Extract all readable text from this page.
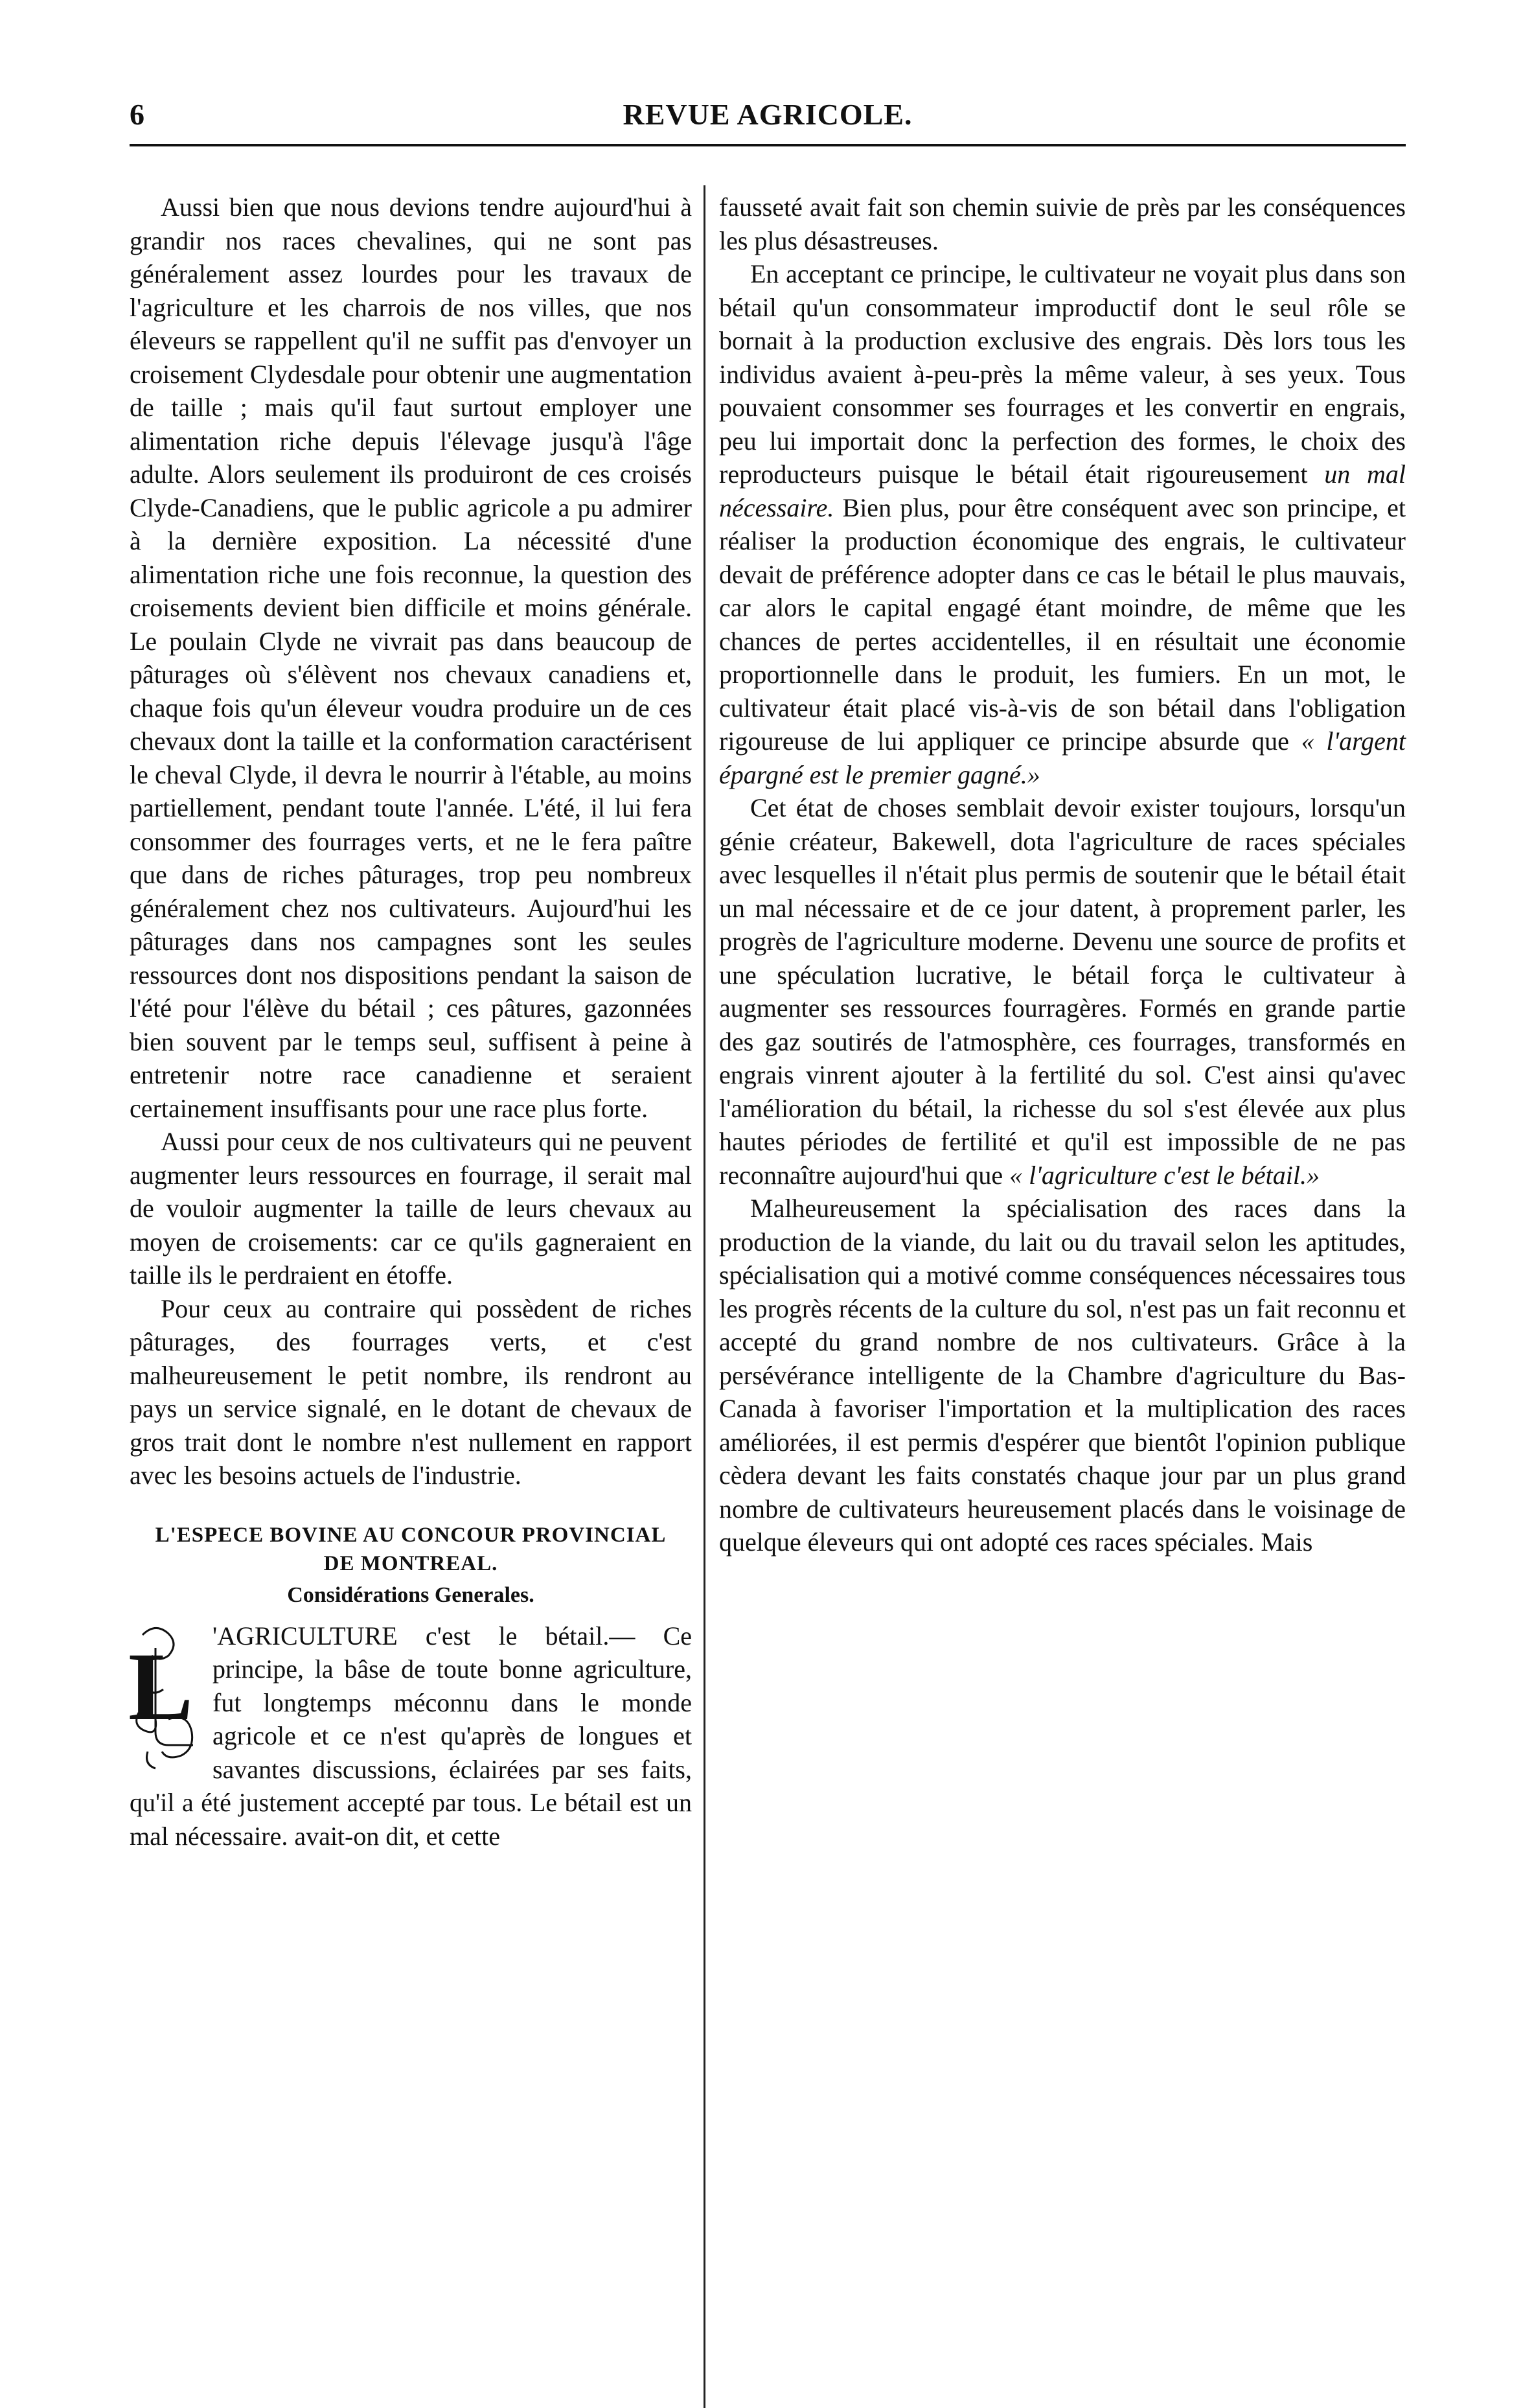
6	REVUE AGRICOLE.

Aussi bien que nous devions tendre aujourd'hui à grandir nos races chevalines, qui ne sont pas généralement assez lourdes pour les travaux de l'agriculture et les charrois de nos villes, que nos éleveurs se rappellent qu'il ne suffit pas d'envoyer un croisement Clydesdale pour obtenir une augmentation de taille ; mais qu'il faut surtout employer une alimentation riche depuis l'élevage jusqu'à l'âge adulte. Alors seulement ils produiront de ces croisés Clyde-Canadiens, que le public agricole a pu admirer à la dernière exposition. La nécessité d'une alimentation riche une fois reconnue, la question des croisements devient bien difficile et moins générale. Le poulain Clyde ne vivrait pas dans beaucoup de pâturages où s'élèvent nos chevaux canadiens et, chaque fois qu'un éleveur voudra produire un de ces chevaux dont la taille et la conformation caractérisent le cheval Clyde, il devra le nourrir à l'étable, au moins partiellement, pendant toute l'année. L'été, il lui fera consommer des fourrages verts, et ne le fera paître que dans de riches pâturages, trop peu nombreux généralement chez nos cultivateurs. Aujourd'hui les pâturages dans nos campagnes sont les seules ressources dont nos dispositions pendant la saison de l'été pour l'élève du bétail ; ces pâtures, gazonnées bien souvent par le temps seul, suffisent à peine à entretenir notre race canadienne et seraient certainement insuffisants pour une race plus forte.

Aussi pour ceux de nos cultivateurs qui ne peuvent augmenter leurs ressources en fourrage, il serait mal de vouloir augmenter la taille de leurs chevaux au moyen de croisements: car ce qu'ils gagneraient en taille ils le perdraient en étoffe.

Pour ceux au contraire qui possèdent de riches pâturages, des fourrages verts, et c'est malheureusement le petit nombre, ils rendront au pays un service signalé, en le dotant de chevaux de gros trait dont le nombre n'est nullement en rapport avec les besoins actuels de l'industrie.

L'ESPECE BOVINE AU CONCOUR PROVINCIAL
DE MONTREAL.
Considérations Generales.

L 'AGRICULTURE c'est le bétail.— Ce principe, la bâse de toute bonne agriculture, fut longtemps méconnu dans le monde agricole et ce n'est qu'après de longues et savantes discussions, éclairées par ses faits, qu'il a été justement accepté par tous. Le bétail est un mal nécessaire. avait-on dit, et cette

fausseté avait fait son chemin suivie de près par les conséquences les plus désastreuses.

En acceptant ce principe, le cultivateur ne voyait plus dans son bétail qu'un consommateur improductif dont le seul rôle se bornait à la production exclusive des engrais. Dès lors tous les individus avaient à-peu-près la même valeur, à ses yeux. Tous pouvaient consommer ses fourrages et les convertir en engrais, peu lui importait donc la perfection des formes, le choix des reproducteurs puisque le bétail était rigoureusement un mal nécessaire. Bien plus, pour être conséquent avec son principe, et réaliser la production économique des engrais, le cultivateur devait de préférence adopter dans ce cas le bétail le plus mauvais, car alors le capital engagé étant moindre, de même que les chances de pertes accidentelles, il en résultait une économie proportionnelle dans le produit, les fumiers. En un mot, le cultivateur était placé vis-à-vis de son bétail dans l'obligation rigoureuse de lui appliquer ce principe absurde que « l'argent épargné est le premier gagné.»

Cet état de choses semblait devoir exister toujours, lorsqu'un génie créateur, Bakewell, dota l'agriculture de races spéciales avec lesquelles il n'était plus permis de soutenir que le bétail était un mal nécessaire et de ce jour datent, à proprement parler, les progrès de l'agriculture moderne. Devenu une source de profits et une spéculation lucrative, le bétail força le cultivateur à augmenter ses ressources fourragères. Formés en grande partie des gaz soutirés de l'atmosphère, ces fourrages, transformés en engrais vinrent ajouter à la fertilité du sol. C'est ainsi qu'avec l'amélioration du bétail, la richesse du sol s'est élevée aux plus hautes périodes de fertilité et qu'il est impossible de ne pas reconnaître aujourd'hui que « l'agriculture c'est le bétail.»

Malheureusement la spécialisation des races dans la production de la viande, du lait ou du travail selon les aptitudes, spécialisation qui a motivé comme conséquences nécessaires tous les progrès récents de la culture du sol, n'est pas un fait reconnu et accepté du grand nombre de nos cultivateurs. Grâce à la persévérance intelligente de la Chambre d'agriculture du Bas-Canada à favoriser l'importation et la multiplication des races améliorées, il est permis d'espérer que bientôt l'opinion publique cèdera devant les faits constatés chaque jour par un plus grand nombre de cultivateurs heureusement placés dans le voisinage de quelque éleveurs qui ont adopté ces races spéciales. Mais
